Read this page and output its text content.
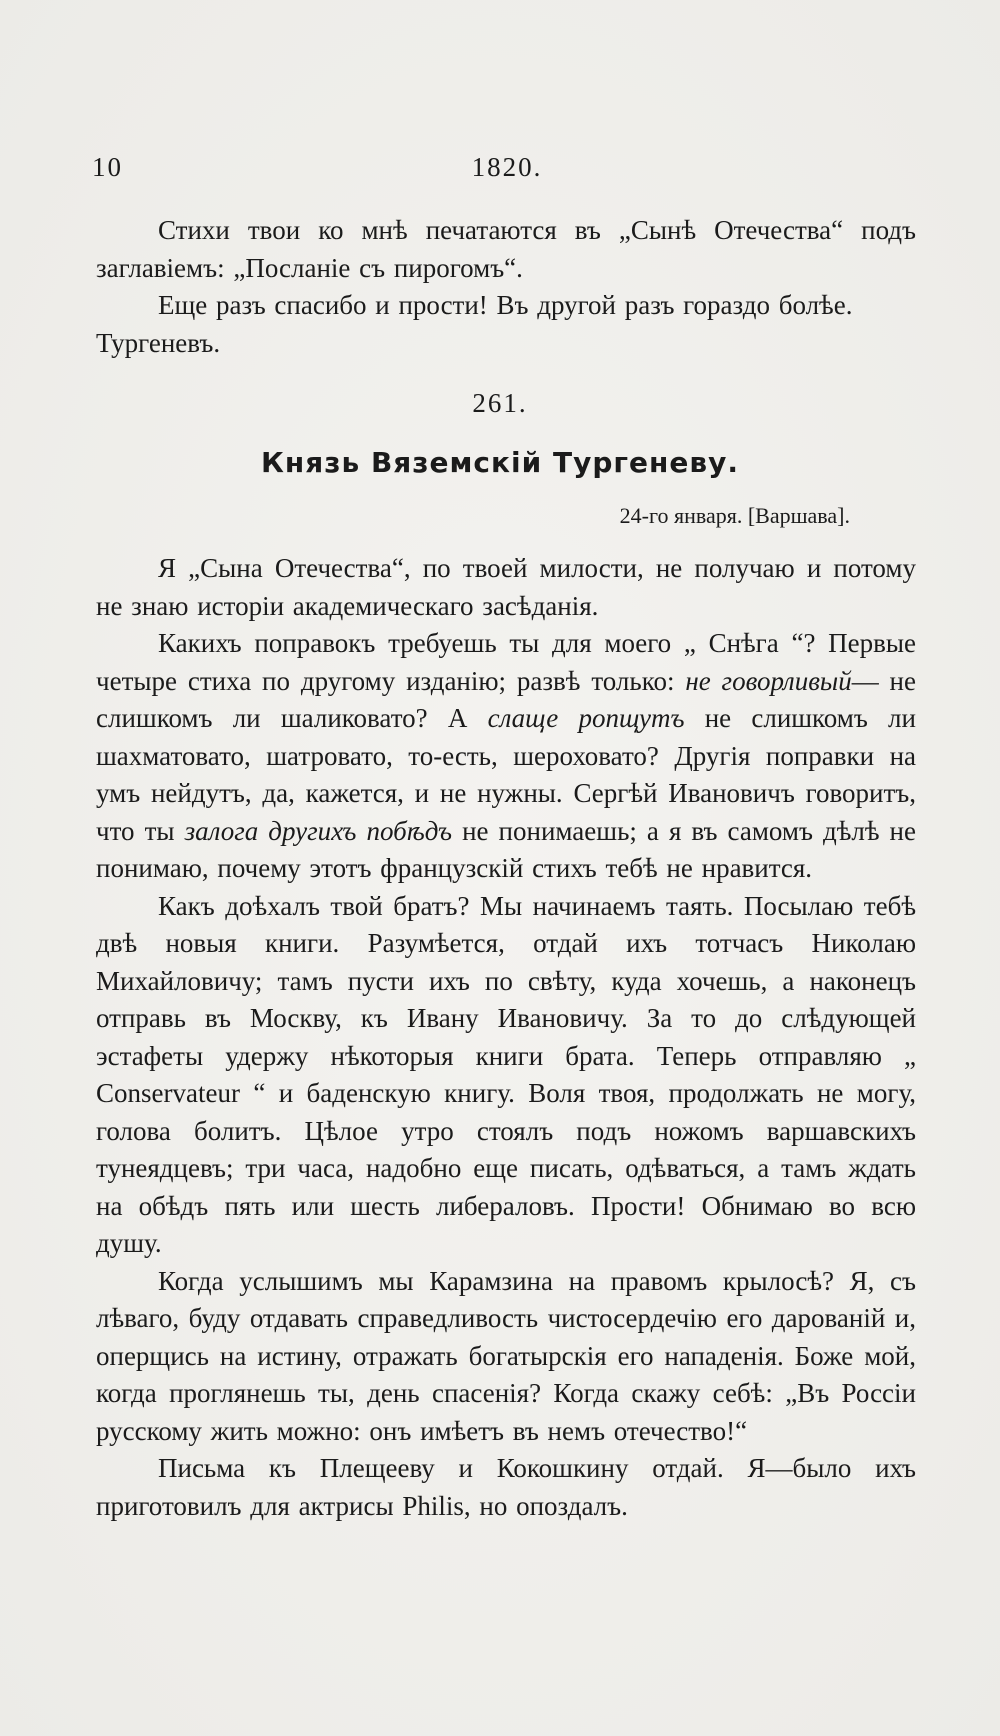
10	1820.

Стихи твои ко мнѣ печатаются въ „Сынѣ Отечества“ подъ заглавіемъ: „Посланіе съ пирогомъ“.

Еще разъ спасибо и прости! Въ другой разъ гораздо болѣе.

Тургеневъ.

261.
Князь Вяземскій Тургеневу.
24-го января. [Варшава].

Я „Сына Отечества“, по твоей милости, не получаю и потому не знаю исторіи академическаго засѣданія.

Какихъ поправокъ требуешь ты для моего „ Снѣга “? Первые четыре стиха по другому изданію; развѣ только: не говорливый— не слишкомъ ли шаликовато? А слаще ропщутъ не слишкомъ ли шахматовато, шатровато, то-есть, шероховато? Другія поправки на умъ нейдутъ, да, кажется, и не нужны. Сергѣй Ивановичъ говоритъ, что ты залога другихъ побѣдъ не понимаешь; а я въ самомъ дѣлѣ не понимаю, почему этотъ французскій стихъ тебѣ не нравится.

Какъ доѣхалъ твой братъ? Мы начинаемъ таять. Посылаю тебѣ двѣ новыя книги. Разумѣется, отдай ихъ тотчасъ Николаю Михайловичу; тамъ пусти ихъ по свѣту, куда хочешь, а наконецъ отправь въ Москву, къ Ивану Ивановичу. За то до слѣдующей эстафеты удержу нѣкоторыя книги брата. Теперь отправляю „ Conservateur “ и баденскую книгу. Воля твоя, продолжать не могу, голова болитъ. Цѣлое утро стоялъ подъ ножомъ варшавскихъ тунеядцевъ; три часа, надобно еще писать, одѣваться, а тамъ ждать на обѣдъ пять или шесть либераловъ. Прости! Обнимаю во всю душу.

Когда услышимъ мы Карамзина на правомъ крылосѣ? Я, съ лѣваго, буду отдавать справедливость чистосердечію его дарованій и, оперщись на истину, отражать богатырскія его нападенія. Боже мой, когда проглянешь ты, день спасенія? Когда скажу себѣ: „Въ Россіи русскому жить можно: онъ имѣетъ въ немъ отечество!“

Письма къ Плещееву и Кокошкину отдай. Я—было ихъ приготовилъ для актрисы Philis, но опоздалъ.
